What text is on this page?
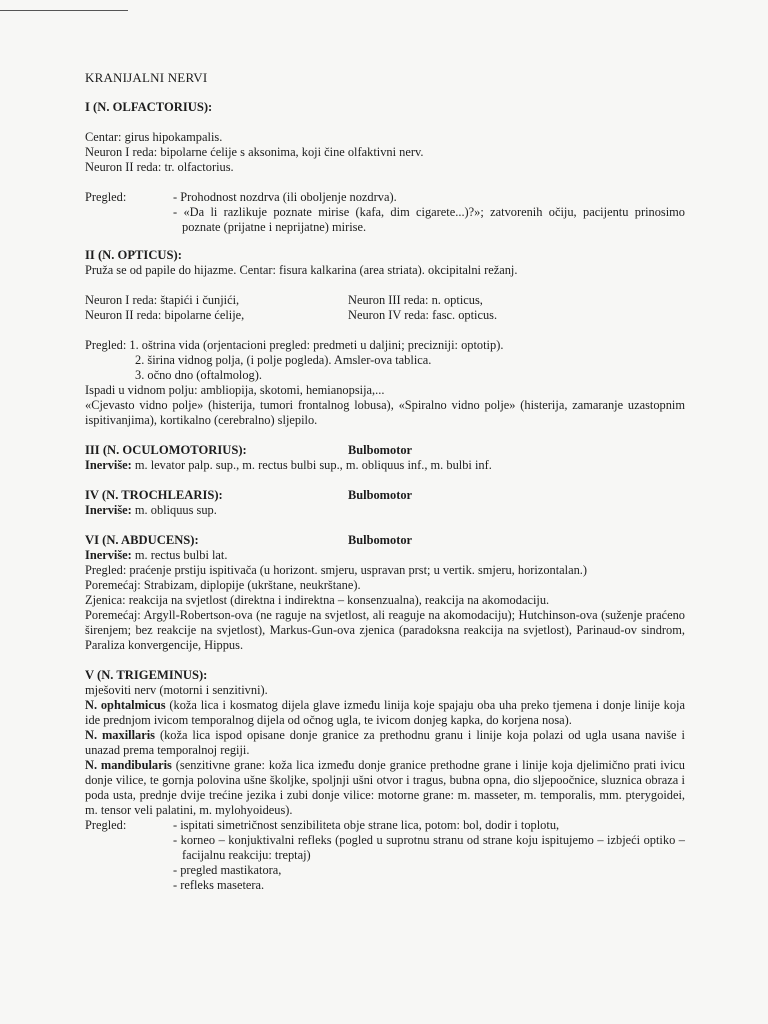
KRANIJALNI NERVI
I (N. OLFACTORIUS):
Centar: girus hipokampalis.
Neuron I reda: bipolarne ćelije s aksonima, koji čine olfaktivni nerv.
Neuron II reda: tr. olfactorius.
Pregled:	- Prohodnost nozdrva (ili oboljenje nozdrva).
- «Da li razlikuje poznate mirise (kafa, dim cigarete...)?»; zatvorenih očiju, pacijentu prinosimo poznate (prijatne i neprijatne) mirise.
II (N. OPTICUS):
Pruža se od papile do hijazme. Centar: fisura kalkarina (area striata). okcipitalni režanj.
Neuron I reda: štapići i čunjići,	Neuron III reda: n. opticus,
Neuron II reda: bipolarne ćelije,	Neuron IV reda: fasc. opticus.
Pregled: 1. oštrina vida (orjentacioni pregled: predmeti u daljini; precizniji: optotip).
2. širina vidnog polja, (i polje pogleda). Amsler-ova tablica.
3. očno dno (oftalmolog).
Ispadi u vidnom polju: ambliopija, skotomi, hemianopsija,...
«Cjevasto vidno polje» (histerija, tumori frontalnog lobusa), «Spiralno vidno polje» (histerija, zamaranje uzastopnim ispitivanjima), kortikalno (cerebralno) sljepilo.
III (N. OCULOMOTORIUS):	Bulbomotor
Inerviše: m. levator palp. sup., m. rectus bulbi sup., m. obliquus inf., m. bulbi inf.
IV (N. TROCHLEARIS):	Bulbomotor
Inerviše: m. obliquus sup.
VI (N. ABDUCENS):	Bulbomotor
Inerviše: m. rectus bulbi lat.
Pregled: praćenje prstiju ispitivača (u horizont. smjeru, uspravan prst; u vertik. smjeru, horizontalan.)
Poremećaj: Strabizam, diplopije (ukrštane, neukrštane).
Zjenica: reakcija na svjetlost (direktna i indirektna – konsenzualna), reakcija na akomodaciju.
Poremećaj: Argyll-Robertson-ova (ne raguje na svjetlost, ali reaguje na akomodaciju); Hutchinson-ova (suženje praćeno širenjem; bez reakcije na svjetlost), Markus-Gun-ova zjenica (paradoksna reakcija na svjetlost), Parinaud-ov sindrom, Paraliza konvergencije, Hippus.
V (N. TRIGEMINUS):
mješoviti nerv (motorni i senzitivni).
N. ophtalmicus (koža lica i kosmatog dijela glave između linija koje spajaju oba uha preko tjemena i donje linije koja ide prednjom ivicom temporalnog dijela od očnog ugla, te ivicom donjeg kapka, do korjena nosa).
N. maxillaris (koža lica ispod opisane donje granice za prethodnu granu i linije koja polazi od ugla usana naviše i unazad prema temporalnoj regiji.
N. mandibularis (senzitivne grane: koža lica između donje granice prethodne grane i linije koja djelimično prati ivicu donje vilice, te gornja polovina ušne školjke, spoljnji ušni otvor i tragus, bubna opna, dio sljepoočnice, sluznica obraza i poda usta, prednje dvije trećine jezika i zubi donje vilice: motorne grane: m. masseter, m. temporalis, mm. pterygoidei, m. tensor veli palatini, m. mylohyoideus).
Pregled:	- ispitati simetričnost senzibiliteta obje strane lica, potom: bol, dodir i toplotu,
- korneo – konjuktivalni refleks (pogled u suprotnu stranu od strane koju ispitujemo – izbjeći optiko – facijalnu reakciju: treptaj)
- pregled mastikatora,
- refleks masetera.
